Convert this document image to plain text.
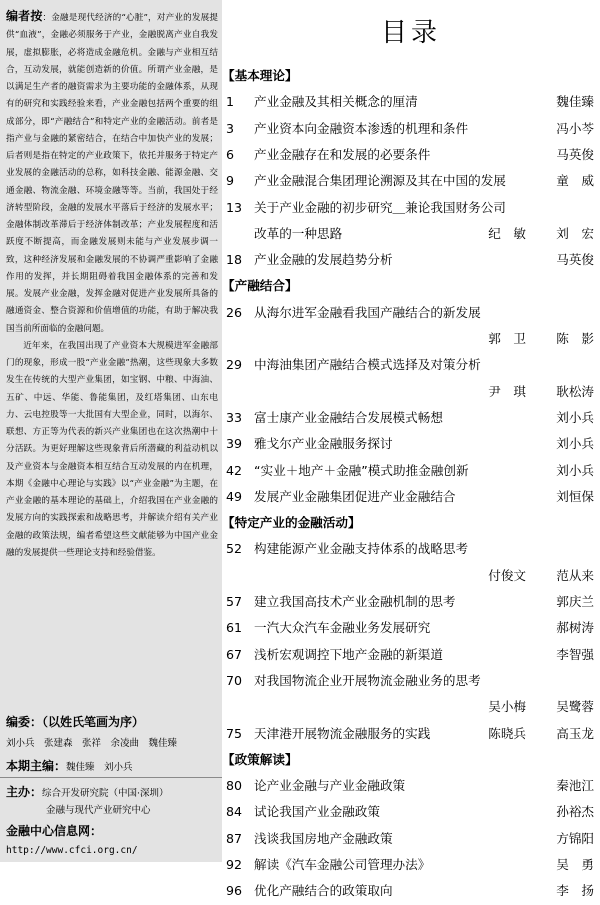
编者按：金融是现代经济的“心脏”，对产业的发展提供“血液”，金融必须服务于产业，金融脱离产业自我发展，虚拟膨胀，必将造成金融危机。金融与产业相互结合，互动发展，就能创造新的价值。所谓产业金融，是以满足生产者的融资需求为主要功能的金融体系，从现有的研究和实践经验来看，产业金融包括两个重要的组成部分，即“产融结合”和特定产业的金融活动。前者是指产业与金融的紧密结合，在结合中加快产业的发展；后者则是指在特定的产业政策下，依托并服务于特定产业发展的金融活动的总称，如科技金融、能源金融、交通金融、物流金融、环境金融等等。当前，我国处于经济转型阶段，金融的发展水平落后于经济的发展水平；金融体制改革滞后于经济体制改革；产业发展程度和活跃度不断提高，而金融发展则未能与产业发展步调一致，这种经济发展和金融发展的不协调严重影响了金融作用的发挥，并长期阻碍着我国金融体系的完善和发展。发展产业金融，发挥金融对促进产业发展所具备的融通资金、整合资源和价值增值的功能，有助于解决我国当前所面临的金融问题。

近年来，在我国出现了产业资本大规模进军金融部门的现象，形成一股“产业金融”热潮，这些现象大多数发生在传统的大型产业集团，如宝钢、中粮、中海油、五矿、中远、华能、鲁能集团，及红塔集团、山东电力、云电控股等一大批国有大型企业，同时，以海尔、联想、方正等为代表的新兴产业集团也在这次热潮中十分活跃。为更好理解这些现象背后所潜藏的利益动机以及产业资本与金融资本相互结合互动发展的内在机理，本期《金融中心理论与实践》以“产业金融”为主题，在产业金融的基本理论的基础上，介绍我国在产业金融的发展方向的实践探索和战略思考，并解读介绍有关产业金融的政策法规，编者希望这些文献能够为中国产业金融的发展提供一些理论支持和经验借鉴。

编委：（以姓氏笔画为序）
刘小兵　张建森　张祥　余凌曲　魏佳臻
本期主编：魏佳臻　刘小兵
主办：综合开发研究院（中国·深圳）
金融与现代产业研究中心
金融中心信息网：
http://www.cfci.org.cn/
目录
【基本理论】
1	产业金融及其相关概念的厘清	魏佳臻
3	产业资本向金融资本渗透的机理和条件	冯小芩
6	产业金融存在和发展的必要条件	马英俊
9	产业金融混合集团理论溯源及其在中国的发展	童　威
13 关于产业金融的初步研究＿兼论我国财务公司
改革的一种思路	纪　敏 刘　宏
18 产业金融的发展趋势分析	马英俊
【产融结合】
26 从海尔进军金融看我国产融结合的新发展
郭　卫 陈　影
29 中海油集团产融结合模式选择及对策分析
尹　琪 耿松涛
33 富士康产业金融结合发展模式畅想	刘小兵
39 雅戈尔产业金融服务探讨	刘小兵
42 “实业＋地产＋金融”模式助推金融创新	刘小兵
49 发展产业金融集团促进产业金融结合	刘恒保
【特定产业的金融活动】
52 构建能源产业金融支持体系的战略思考
付俊文 范从来
57 建立我国高技术产业金融机制的思考	郭庆兰
61 一汽大众汽车金融业务发展研究	郝树涛
67 浅析宏观调控下地产金融的新渠道	李智强
70 对我国物流企业开展物流金融业务的思考
吴小梅 吴鹭蓉
75 天津港开展物流金融服务的实践	陈晓兵 高玉龙
【政策解读】
80 论产业金融与产业金融政策	秦池江
84 试论我国产业金融政策	孙裕杰
87 浅谈我国房地产金融政策	方锦阳
92 解读《汽车金融公司管理办法》	吴　勇
96 优化产融结合的政策取向	李　扬
